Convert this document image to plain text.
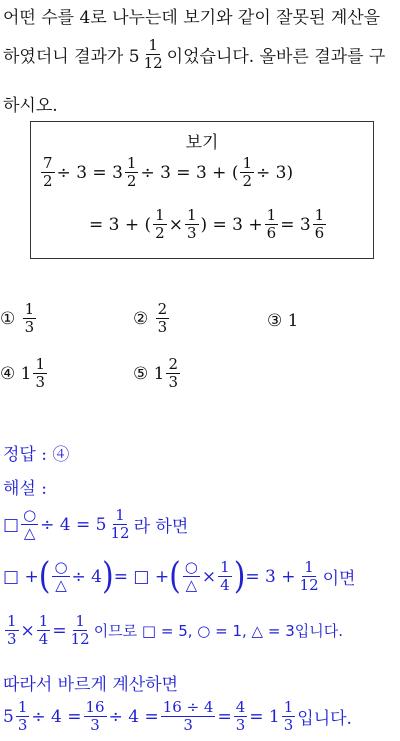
어떤 수를 4로 나누는데 보기와 같이 잘못된 계산을
하였더니 결과가 $5 \frac{1}{12}$ 이었습니다. 올바른 결과를 구
하시오.
보기
$\frac{7}{2} \div 3 = 3 \frac{1}{2} \div 3 = 3$ + ( $\frac{1}{2} \div 3$)
= 3 + ( $\frac{1}{2} \times \frac{1}{3}$ ) = $3 + \frac{1}{6} = 3 \frac{1}{6}$
①
$\frac{1}{3}$	②
$\frac{2}{3}$	③
1
④
$1 \frac{1}{3}$	⑤
$1 \frac{2}{3}$
정답 : ④
해설 :
□ $\frac{○}{\triangle} \div 4 = 5 \frac{1}{12}$ 라 하면
□ + ( $\frac{○}{\triangle} \div 4$ ) = □ + ( $\frac{○}{\triangle} \times \frac{1}{4}$ ) = $3 + \frac{1}{12}$ 이면
$\frac{1}{3} \times \frac{1}{4} = \frac{1}{12}$ 이므로 □ = 5, ○ = 1, △ = 3입니다.
따라서 바르게 계산하면
$5 \frac{1}{3} \div 4 = \frac{16}{3} \div 4 = \frac{16 \div 4}{3} = \frac{4}{3} = 1 \frac{1}{3}$ 입니다.
